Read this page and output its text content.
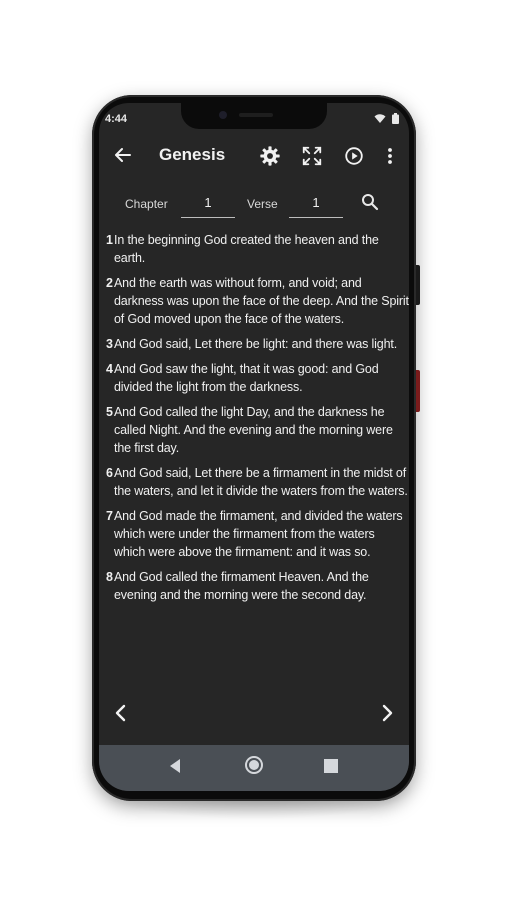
4:44
Genesis
Chapter	1	Verse	1
1 In the beginning God created the heaven and the earth.
2 And the earth was without form, and void; and darkness was upon the face of the deep. And the Spirit of God moved upon the face of the waters.
3 And God said, Let there be light: and there was light.
4 And God saw the light, that it was good: and God divided the light from the darkness.
5 And God called the light Day, and the darkness he called Night. And the evening and the morning were the first day.
6 And God said, Let there be a firmament in the midst of the waters, and let it divide the waters from the waters.
7 And God made the firmament, and divided the waters which were under the firmament from the waters which were above the firmament: and it was so.
8 And God called the firmament Heaven. And the evening and the morning were the second day.
